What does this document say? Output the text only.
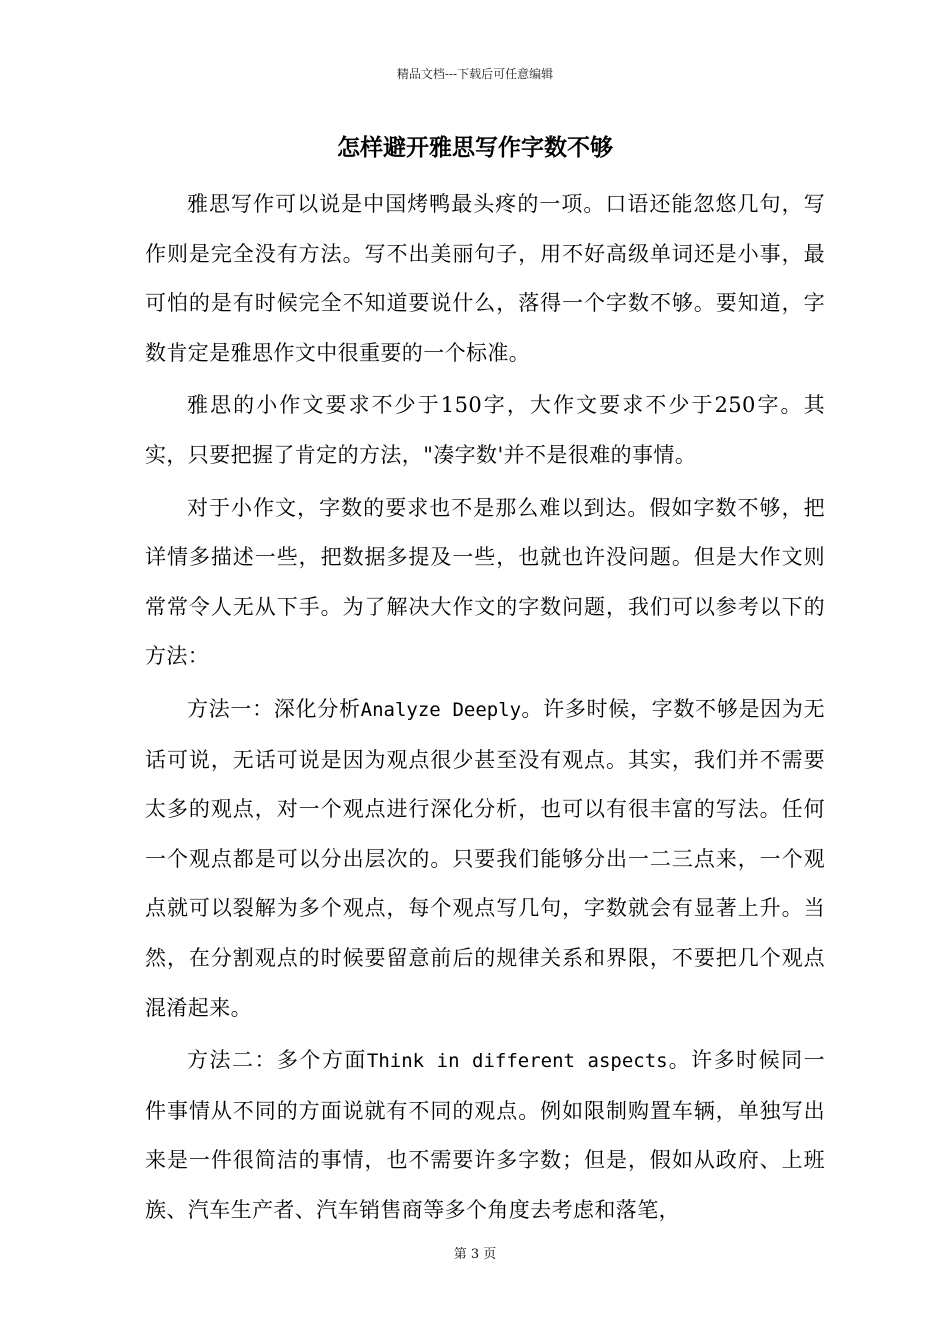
精品文档---下载后可任意编辑
怎样避开雅思写作字数不够

雅思写作可以说是中国烤鸭最头疼的一项。口语还能忽悠几句，写作则是完全没有方法。写不出美丽句子，用不好高级单词还是小事，最可怕的是有时候完全不知道要说什么，落得一个字数不够。要知道，字数肯定是雅思作文中很重要的一个标准。

雅思的小作文要求不少于150字，大作文要求不少于250字。其实，只要把握了肯定的方法，"凑字数'并不是很难的事情。

对于小作文，字数的要求也不是那么难以到达。假如字数不够，把详情多描述一些，把数据多提及一些，也就也许没问题。但是大作文则常常令人无从下手。为了解决大作文的字数问题，我们可以参考以下的方法：

方法一：深化分析Analyze Deeply。许多时候，字数不够是因为无话可说，无话可说是因为观点很少甚至没有观点。其实，我们并不需要太多的观点，对一个观点进行深化分析，也可以有很丰富的写法。任何一个观点都是可以分出层次的。只要我们能够分出一二三点来，一个观点就可以裂解为多个观点，每个观点写几句，字数就会有显著上升。当然，在分割观点的时候要留意前后的规律关系和界限，不要把几个观点混淆起来。

方法二：多个方面Think in different aspects。许多时候同一件事情从不同的方面说就有不同的观点。例如限制购置车辆，单独写出来是一件很简洁的事情，也不需要许多字数；但是，假如从政府、上班族、汽车生产者、汽车销售商等多个角度去考虑和落笔，

第 3 页
